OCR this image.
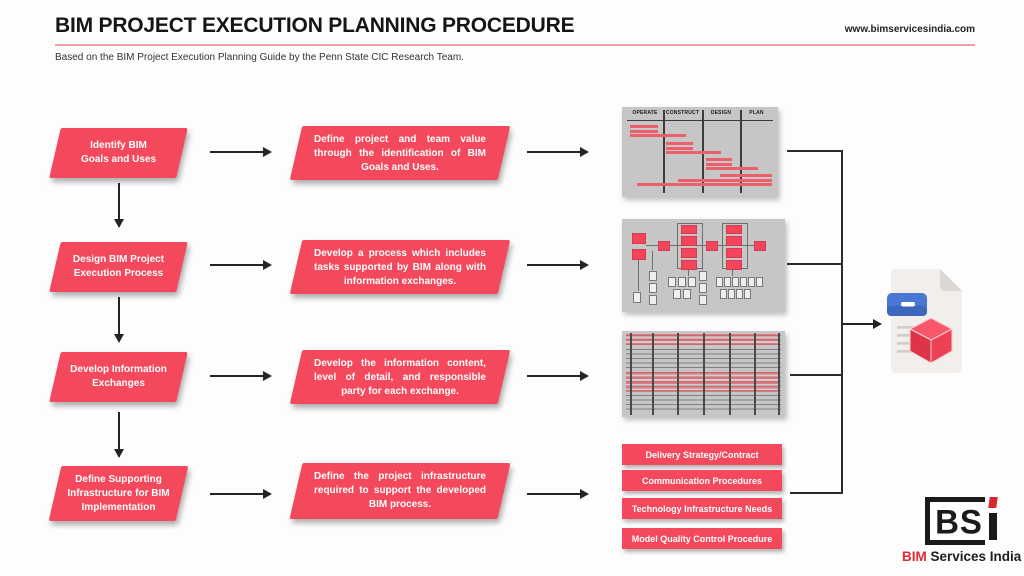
BIM PROJECT EXECUTION PLANNING PROCEDURE	www.bimservicesindia.com
Based on the BIM Project Execution Planning Guide by the Penn State CIC Research Team.
Identify BIM
Goals and Uses
Design BIM Project
Execution Process
Develop Information
Exchanges
Define Supporting
Infrastructure for BIM
Implementation
Define project and team value through the identification of BIM Goals and Uses.
Develop a process which includes tasks supported by BIM along with information exchanges.
Develop the information content, level of detail, and responsible party for each exchange.
Define the project infrastructure required to support the developed BIM process.
OPERATE	CONSTRUCT	DESIGN	PLAN
Delivery Strategy/Contract
Communication Procedures
Technology Infrastructure Needs
Model Quality Control Procedure	BS
BIM Services India
